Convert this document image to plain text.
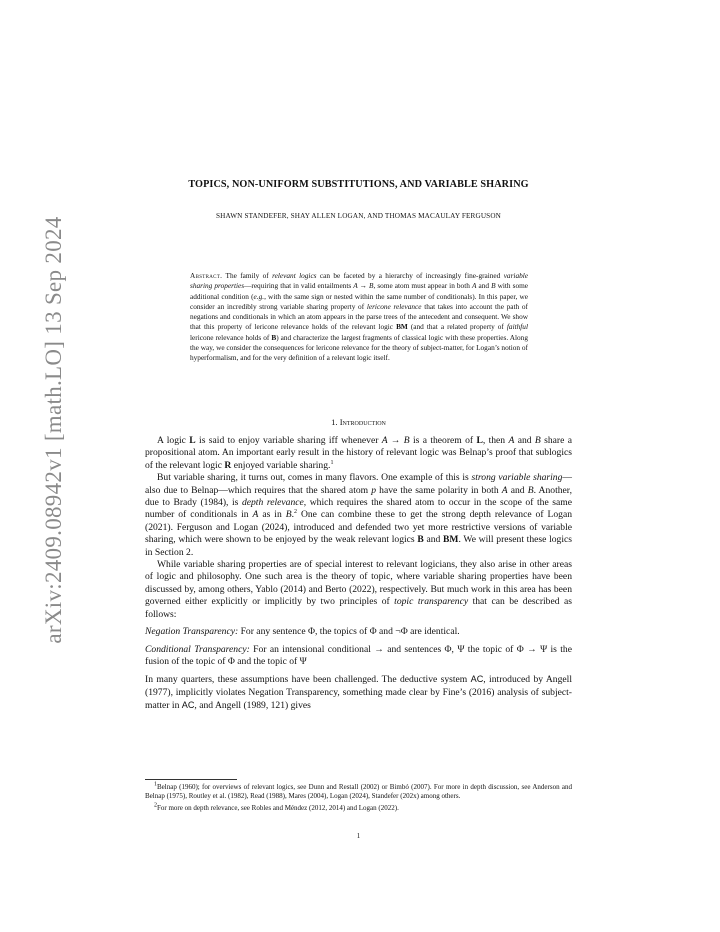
arXiv:2409.08942v1 [math.LO] 13 Sep 2024
TOPICS, NON-UNIFORM SUBSTITUTIONS, AND VARIABLE SHARING
SHAWN STANDEFER, SHAY ALLEN LOGAN, AND THOMAS MACAULAY FERGUSON
Abstract. The family of relevant logics can be faceted by a hierarchy of increasingly fine-grained variable sharing properties—requiring that in valid entailments A → B, some atom must appear in both A and B with some additional condition (e.g., with the same sign or nested within the same number of conditionals). In this paper, we consider an incredibly strong variable sharing property of lericone relevance that takes into account the path of negations and conditionals in which an atom appears in the parse trees of the antecedent and consequent. We show that this property of lericone relevance holds of the relevant logic BM (and that a related property of faithful lericone relevance holds of B) and characterize the largest fragments of classical logic with these properties. Along the way, we consider the consequences for lericone relevance for the theory of subject-matter, for Logan’s notion of hyperformalism, and for the very definition of a relevant logic itself.
1. Introduction

A logic L is said to enjoy variable sharing iff whenever A → B is a theorem of L, then A and B share a propositional atom. An important early result in the history of relevant logic was Belnap’s proof that sublogics of the relevant logic R enjoyed variable sharing.$^1$

But variable sharing, it turns out, comes in many flavors. One example of this is strong variable sharing—also due to Belnap—which requires that the shared atom p have the same polarity in both A and B. Another, due to Brady (1984), is depth relevance, which requires the shared atom to occur in the scope of the same number of conditionals in A as in B.$^2$ One can combine these to get the strong depth relevance of Logan (2021). Ferguson and Logan (2024), introduced and defended two yet more restrictive versions of variable sharing, which were shown to be enjoyed by the weak relevant logics B and BM. We will present these logics in Section 2.

While variable sharing properties are of special interest to relevant logicians, they also arise in other areas of logic and philosophy. One such area is the theory of topic, where variable sharing properties have been discussed by, among others, Yablo (2014) and Berto (2022), respectively. But much work in this area has been governed either explicitly or implicitly by two principles of topic transparency that can be described as follows:

Negation Transparency: For any sentence Φ, the topics of Φ and ¬Φ are identical.

Conditional Transparency: For an intensional conditional → and sentences Φ, Ψ the topic of Φ → Ψ is the fusion of the topic of Φ and the topic of Ψ

In many quarters, these assumptions have been challenged. The deductive system AC, introduced by Angell (1977), implicitly violates Negation Transparency, something made clear by Fine’s (2016) analysis of subject-matter in AC, and Angell (1989, 121) gives

$^1$Belnap (1960); for overviews of relevant logics, see Dunn and Restall (2002) or Bimbó (2007). For more in depth discussion, see Anderson and Belnap (1975), Routley et al. (1982), Read (1988), Mares (2004), Logan (2024), Standefer (202x) among others.

$^2$For more on depth relevance, see Robles and Méndez (2012, 2014) and Logan (2022).

1
